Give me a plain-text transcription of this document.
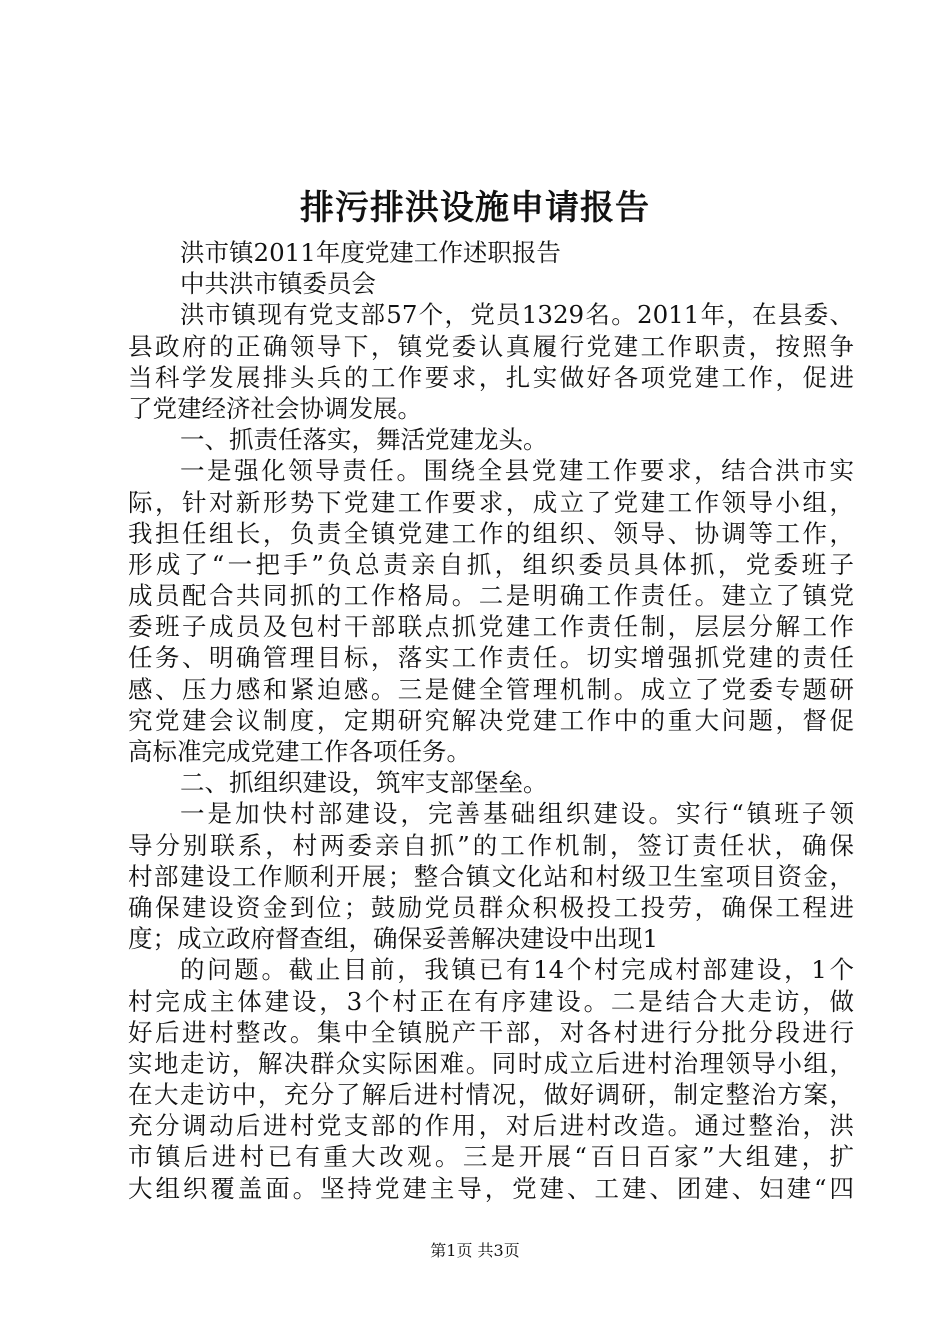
排污排洪设施申请报告
洪市镇2011年度党建工作述职报告
中共洪市镇委员会
洪市镇现有党支部57个，党员1329名。2011年，在县委、
县政府的正确领导下，镇党委认真履行党建工作职责，按照争
当科学发展排头兵的工作要求，扎实做好各项党建工作，促进
了党建经济社会协调发展。
一、抓责任落实，舞活党建龙头。
一是强化领导责任。围绕全县党建工作要求，结合洪市实
际，针对新形势下党建工作要求，成立了党建工作领导小组，
我担任组长，负责全镇党建工作的组织、领导、协调等工作，
形成了“一把手”负总责亲自抓，组织委员具体抓，党委班子
成员配合共同抓的工作格局。二是明确工作责任。建立了镇党
委班子成员及包村干部联点抓党建工作责任制，层层分解工作
任务、明确管理目标，落实工作责任。切实增强抓党建的责任
感、压力感和紧迫感。三是健全管理机制。成立了党委专题研
究党建会议制度，定期研究解决党建工作中的重大问题，督促
高标准完成党建工作各项任务。
二、抓组织建设，筑牢支部堡垒。
一是加快村部建设，完善基础组织建设。实行“镇班子领
导分别联系，村两委亲自抓”的工作机制，签订责任状，确保
村部建设工作顺利开展；整合镇文化站和村级卫生室项目资金，
确保建设资金到位；鼓励党员群众积极投工投劳，确保工程进
度；成立政府督查组，确保妥善解决建设中出现1
的问题。截止目前，我镇已有14个村完成村部建设，1个
村完成主体建设，3个村正在有序建设。二是结合大走访，做
好后进村整改。集中全镇脱产干部，对各村进行分批分段进行
实地走访，解决群众实际困难。同时成立后进村治理领导小组，
在大走访中，充分了解后进村情况，做好调研，制定整治方案，
充分调动后进村党支部的作用，对后进村改造。通过整治，洪
市镇后进村已有重大改观。三是开展“百日百家”大组建，扩
大组织覆盖面。坚持党建主导，党建、工建、团建、妇建“四
第1页 共3页
